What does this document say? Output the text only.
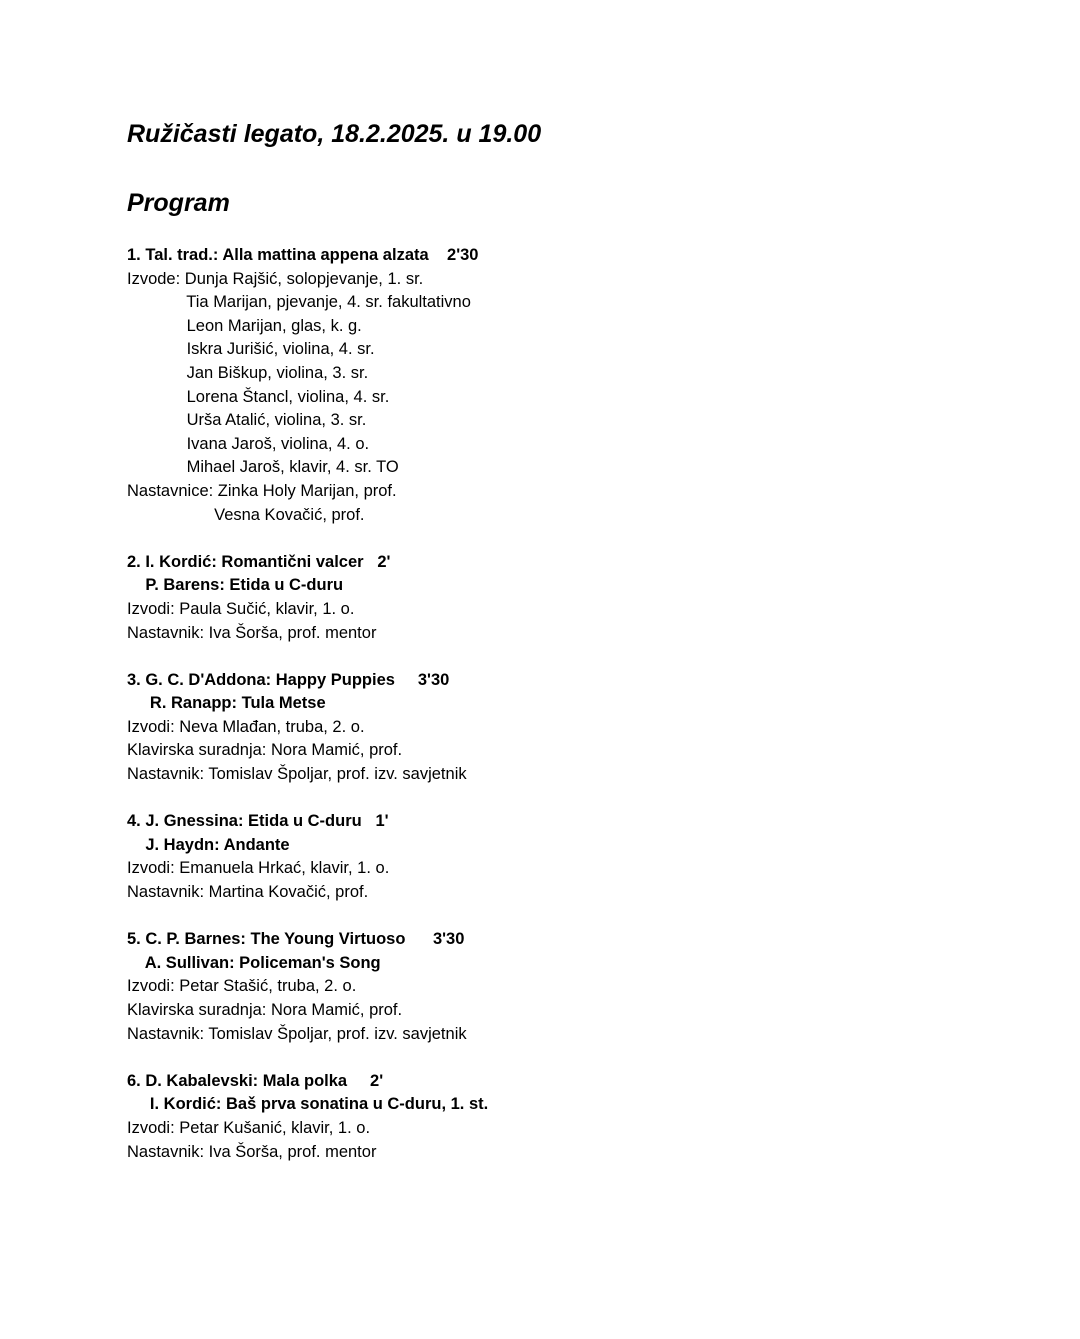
Ružičasti legato, 18.2.2025. u 19.00
Program
1. Tal. trad.: Alla mattina appena alzata 2'30
Izvode: Dunja Rajšić, solopjevanje, 1. sr.
Tia Marijan, pjevanje, 4. sr. fakultativno
Leon Marijan, glas, k. g.
Iskra Jurišić, violina, 4. sr.
Jan Biškup, violina, 3. sr.
Lorena Štancl, violina, 4. sr.
Urša Atalić, violina, 3. sr.
Ivana Jaroš, violina, 4. o.
Mihael Jaroš, klavir, 4. sr. TO
Nastavnice: Zinka Holy Marijan, prof.
Vesna Kovačić, prof.
2. I. Kordić: Romantični valcer 2'
P. Barens: Etida u C-duru
Izvodi: Paula Sučić, klavir, 1. o.
Nastavnik: Iva Šorša, prof. mentor
3. G. C. D'Addona: Happy Puppies 3'30
R. Ranapp: Tula Metse
Izvodi: Neva Mlađan, truba, 2. o.
Klavirska suradnja: Nora Mamić, prof.
Nastavnik: Tomislav Špoljar, prof. izv. savjetnik
4. J. Gnessina: Etida u C-duru 1'
J. Haydn: Andante
Izvodi: Emanuela Hrkać, klavir, 1. o.
Nastavnik: Martina Kovačić, prof.
5. C. P. Barnes: The Young Virtuoso 3'30
A. Sullivan: Policeman's Song
Izvodi: Petar Stašić, truba, 2. o.
Klavirska suradnja: Nora Mamić, prof.
Nastavnik: Tomislav Špoljar, prof. izv. savjetnik
6. D. Kabalevski: Mala polka 2'
I. Kordić: Baš prva sonatina u C-duru, 1. st.
Izvodi: Petar Kušanić, klavir, 1. o.
Nastavnik: Iva Šorša, prof. mentor
